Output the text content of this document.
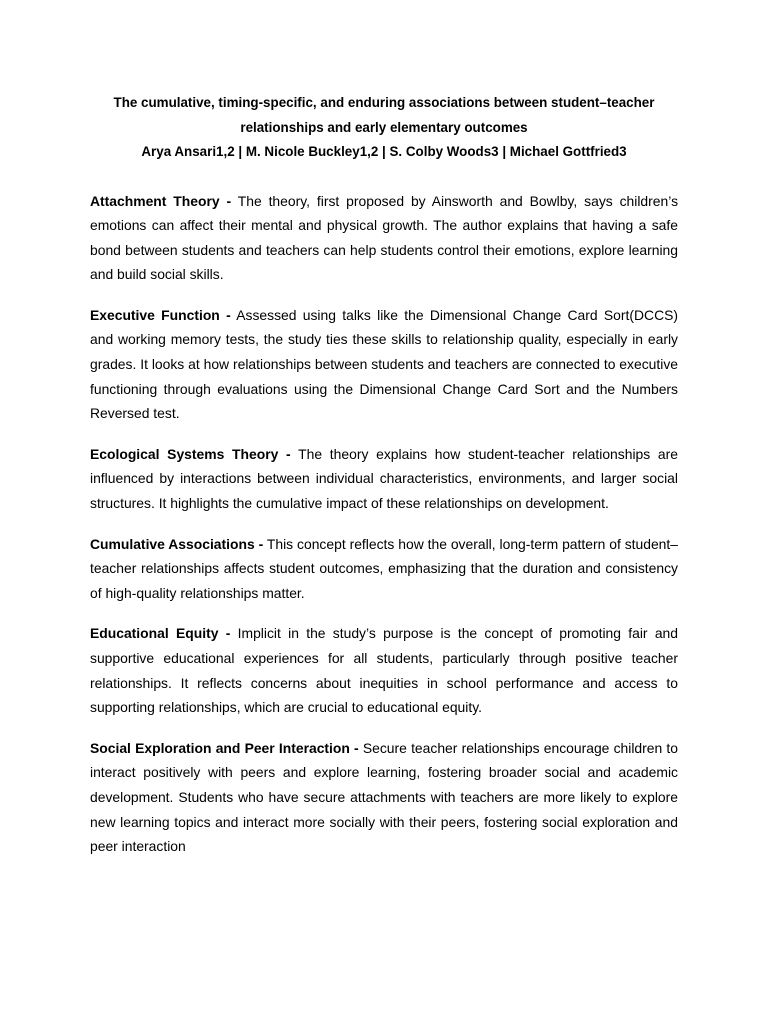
The cumulative, timing-specific, and enduring associations between student–teacher
relationships and early elementary outcomes
Arya Ansari1,2 | M. Nicole Buckley1,2 | S. Colby Woods3 | Michael Gottfried3

Attachment Theory - The theory, first proposed by Ainsworth and Bowlby, says children’s emotions can affect their mental and physical growth. The author explains that having a safe bond between students and teachers can help students control their emotions, explore learning and build social skills.

Executive Function - Assessed using talks like the Dimensional Change Card Sort(DCCS) and working memory tests, the study ties these skills to relationship quality, especially in early grades. It looks at how relationships between students and teachers are connected to executive functioning through evaluations using the Dimensional Change Card Sort and the Numbers Reversed test.

Ecological Systems Theory - The theory explains how student-teacher relationships are influenced by interactions between individual characteristics, environments, and larger social structures. It highlights the cumulative impact of these relationships on development.

Cumulative Associations - This concept reflects how the overall, long-term pattern of student–teacher relationships affects student outcomes, emphasizing that the duration and consistency of high-quality relationships matter.

Educational Equity - Implicit in the study’s purpose is the concept of promoting fair and supportive educational experiences for all students, particularly through positive teacher relationships. It reflects concerns about inequities in school performance and access to supporting relationships, which are crucial to educational equity.

Social Exploration and Peer Interaction - Secure teacher relationships encourage children to interact positively with peers and explore learning, fostering broader social and academic development. Students who have secure attachments with teachers are more likely to explore new learning topics and interact more socially with their peers, fostering social exploration and peer interaction
